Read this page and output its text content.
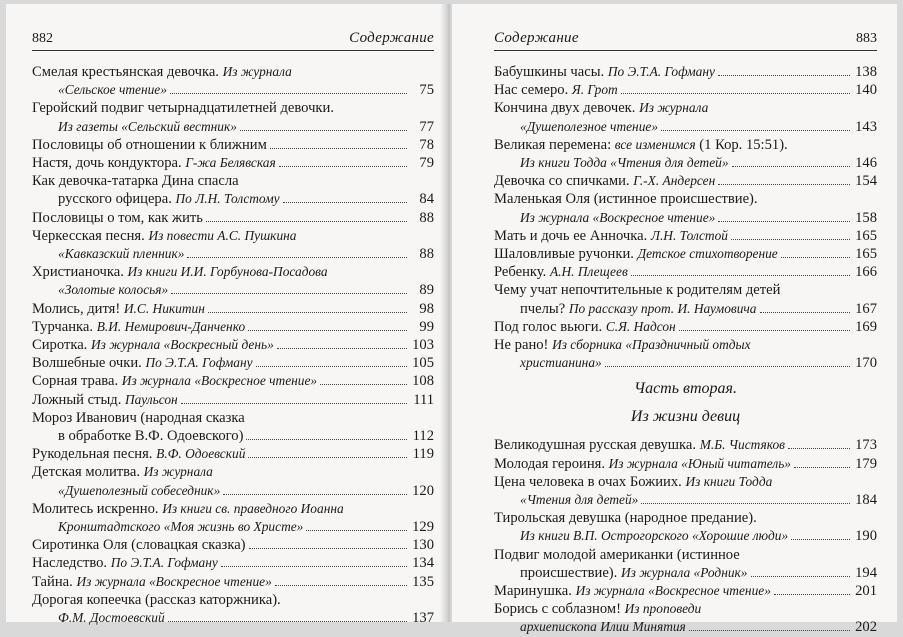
882	Содержание
Смелая крестьянская девочка. Из журнала
«Сельское чтение»	75
Геройский подвиг четырнадцатилетней девочки.
Из газеты «Сельский вестник»	77
Пословицы об отношении к ближним	78
Настя, дочь кондуктора. Г-жа Белявская	79
Как девочка-татарка Дина спасла
русского офицера. По Л.Н. Толстому	84
Пословицы о том, как жить	88
Черкесская песня. Из повести А.С. Пушкина
«Кавказский пленник»	88
Христианочка. Из книги И.И. Горбунова-Посадова
«Золотые колосья»	89
Молись, дитя! И.С. Никитин	98
Турчанка. В.И. Немирович-Данченко	99
Сиротка. Из журнала «Воскресный день»	103
Волшебные очки. По Э.Т.А. Гофману	105
Сорная трава. Из журнала «Воскресное чтение»	108
Ложный стыд. Паульсон	111
Мороз Иванович (народная сказка
в обработке В.Ф. Одоевского)	112
Рукодельная песня. В.Ф. Одоевский	119
Детская молитва. Из журнала
«Душеполезный собеседник»	120
Молитесь искренно. Из книги св. праведного Иоанна
Кронштадтского «Моя жизнь во Христе»	129
Сиротинка Оля (словацкая сказка)	130
Наследство. По Э.Т.А. Гофману	134
Тайна. Из журнала «Воскресное чтение»	135
Дорогая копеечка (рассказ каторжника).
Ф.М. Достоевский	137
Содержание	883
Бабушкины часы. По Э.Т.А. Гофману	138
Нас семеро. Я. Грот	140
Кончина двух девочек. Из журнала
«Душеполезное чтение»	143
Великая перемена: все изменимся (1 Кор. 15:51).
Из книги Тодда «Чтения для детей»	146
Девочка со спичками. Г.-Х. Андерсен	154
Маленькая Оля (истинное происшествие).
Из журнала «Воскресное чтение»	158
Мать и дочь ее Анночка. Л.Н. Толстой	165
Шаловливые ручонки. Детское стихотворение	165
Ребенку. А.Н. Плещеев	166
Чему учат непочтительные к родителям детей
пчелы? По рассказу прот. И. Наумовича	167
Под голос вьюги. С.Я. Надсон	169
Не рано! Из сборника «Праздничный отдых
христианина»	170
Часть вторая.
Из жизни девиц
Великодушная русская девушка. М.Б. Чистяков	173
Молодая героиня. Из журнала «Юный читатель»	179
Цена человека в очах Божиих. Из книги Тодда
«Чтения для детей»	184
Тирольская девушка (народное предание).
Из книги В.П. Острогорского «Хорошие люди»	190
Подвиг молодой американки (истинное
происшествие). Из журнала «Родник»	194
Маринушка. Из журнала «Воскресное чтение»	201
Борись с соблазном! Из проповеди
архиепископа Илии Минятия	202
